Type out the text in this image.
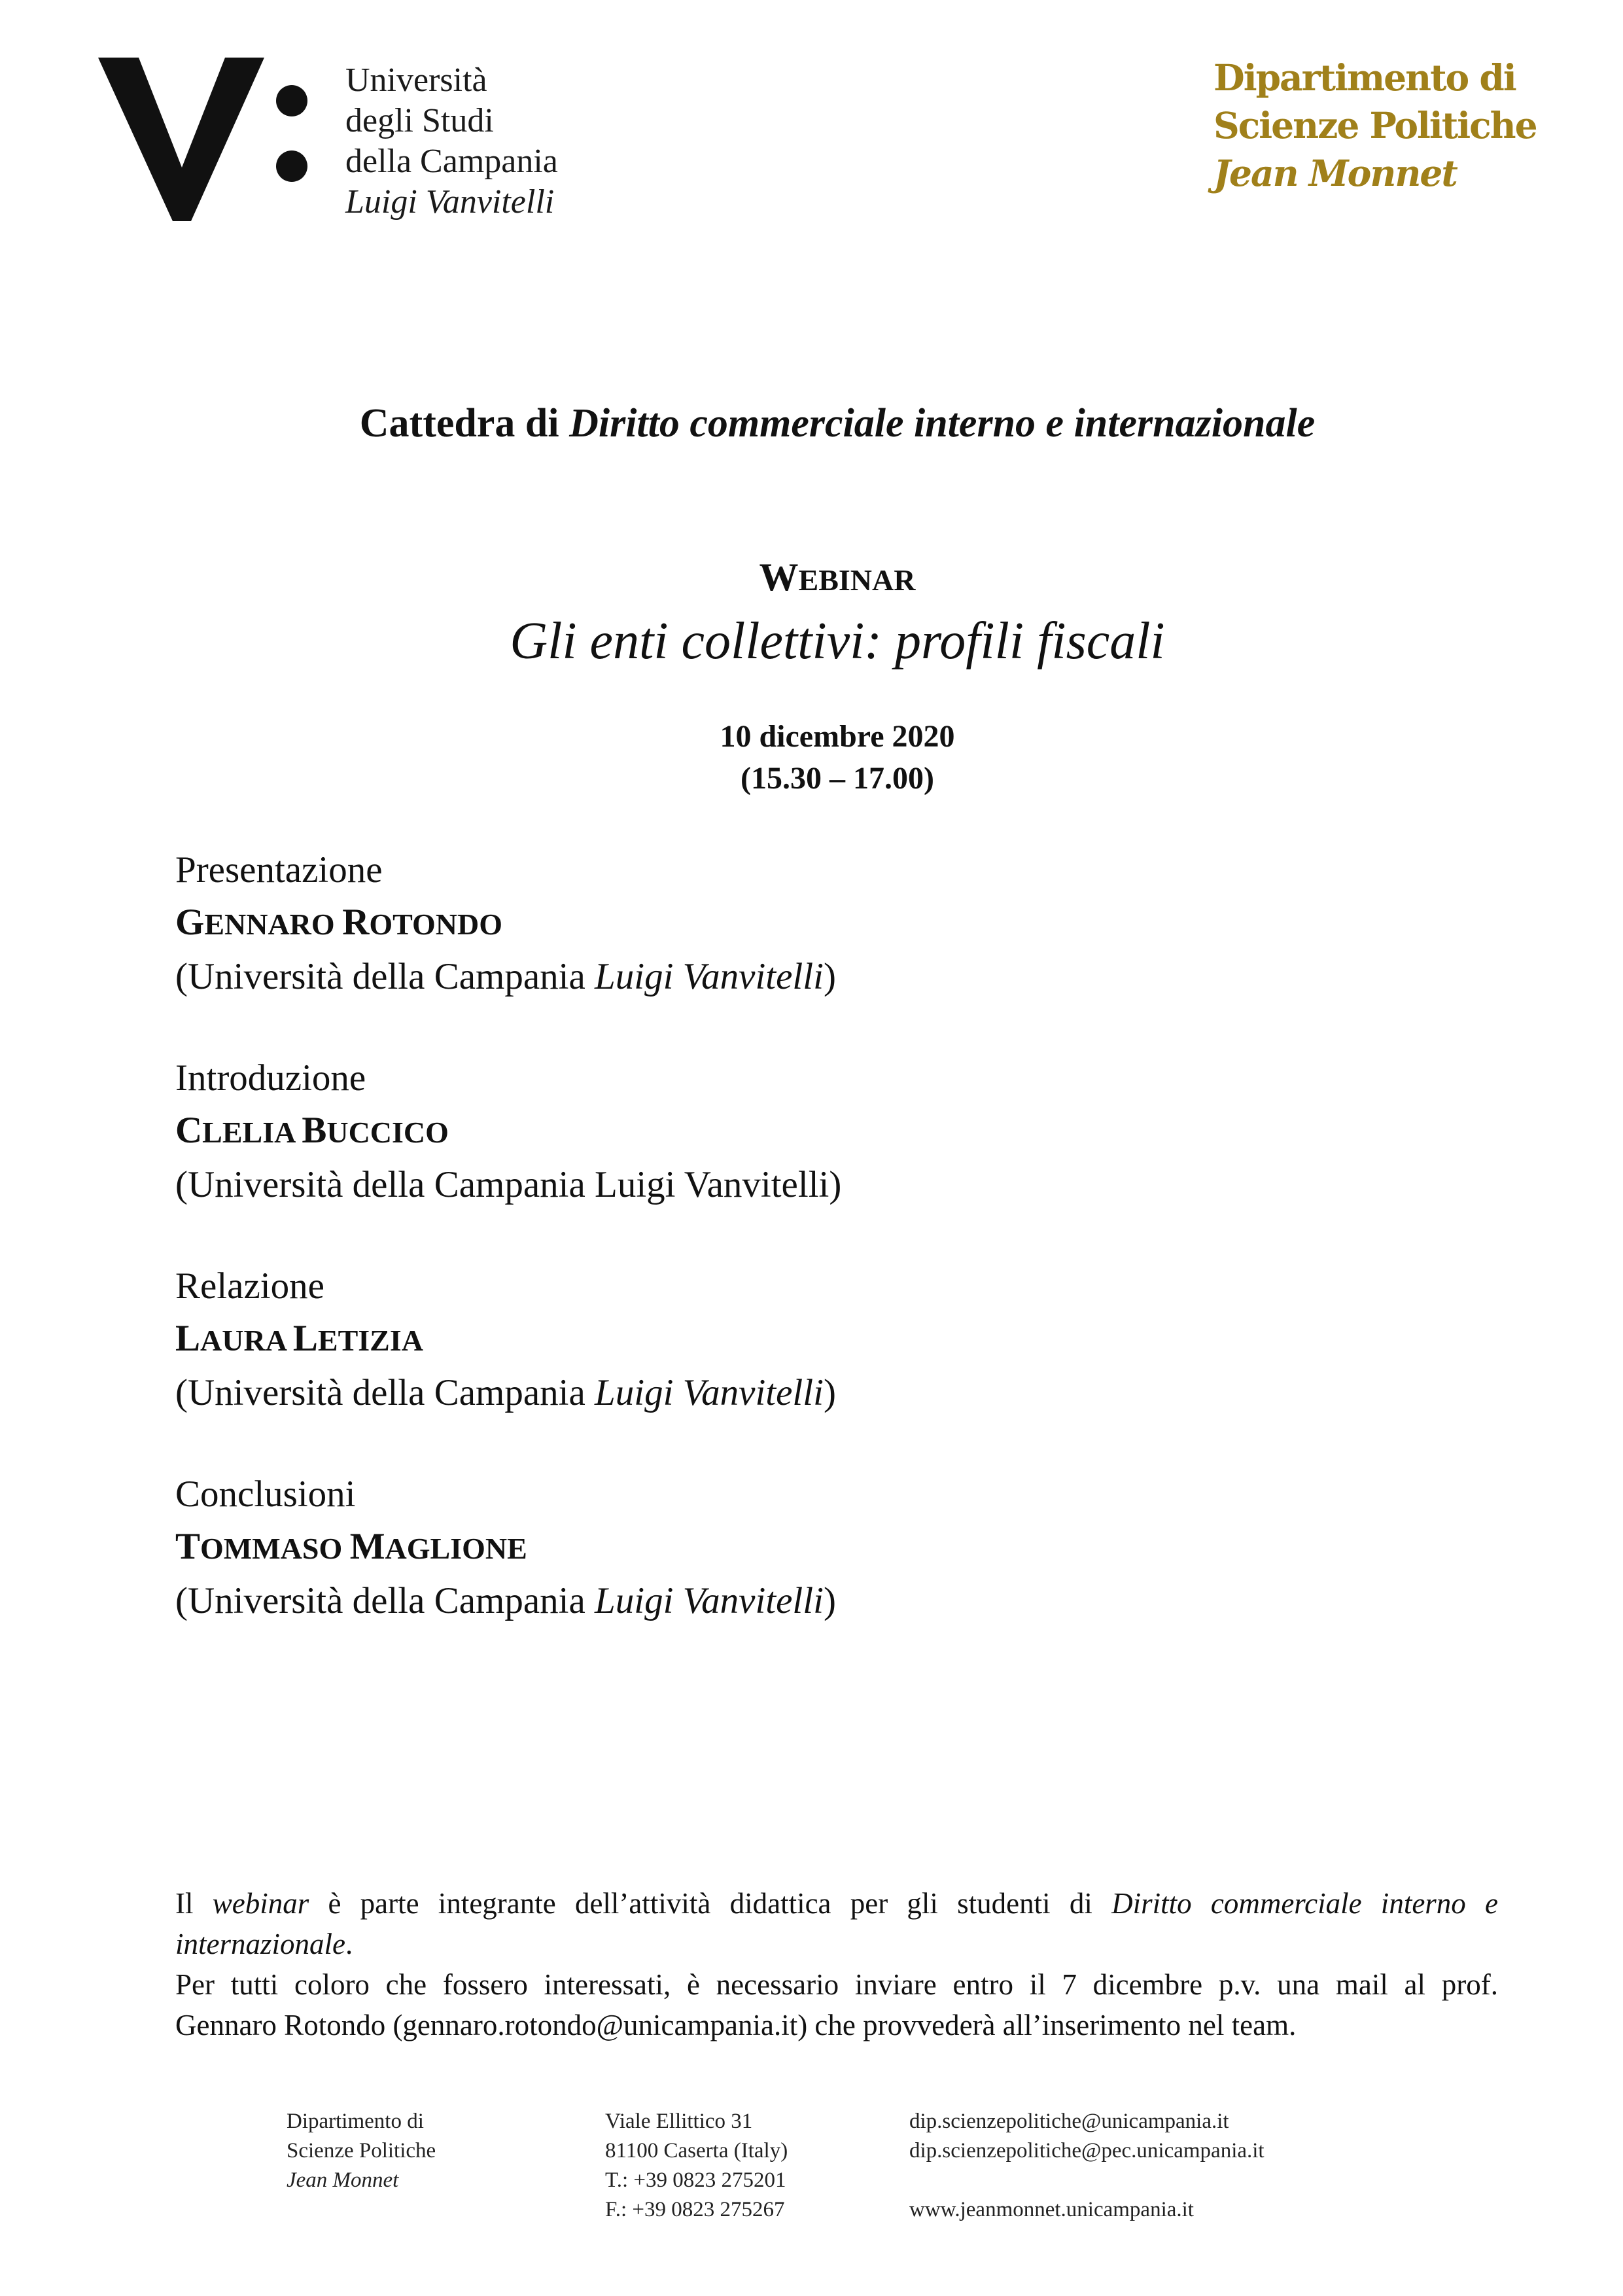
Università
degli Studi
della Campania
Luigi Vanvitelli
Dipartimento di
Scienze Politiche
Jean Monnet
Cattedra di Diritto commerciale interno e internazionale
WEBINAR
Gli enti collettivi: profili fiscali
10 dicembre 2020
(15.30 – 17.00)
Presentazione
GENNARO ROTONDO
(Università della Campania Luigi Vanvitelli)
Introduzione
CLELIA BUCCICO
(Università della Campania Luigi Vanvitelli)
Relazione
LAURA LETIZIA
(Università della Campania Luigi Vanvitelli)
Conclusioni
TOMMASO MAGLIONE
(Università della Campania Luigi Vanvitelli)

Il webinar è parte integrante dell’attività didattica per gli studenti di Diritto commerciale interno e

internazionale.

Per tutti coloro che fossero interessati, è necessario inviare entro il 7 dicembre p.v. una mail al prof.

Gennaro Rotondo (gennaro.rotondo@unicampania.it) che provvederà all’inserimento nel team.

Dipartimento di
Scienze Politiche
Jean Monnet
Viale Ellittico 31
81100 Caserta (Italy)
T.: +39 0823 275201
F.: +39 0823 275267
dip.scienzepolitiche@unicampania.it
dip.scienzepolitiche@pec.unicampania.it
www.jeanmonnet.unicampania.it
